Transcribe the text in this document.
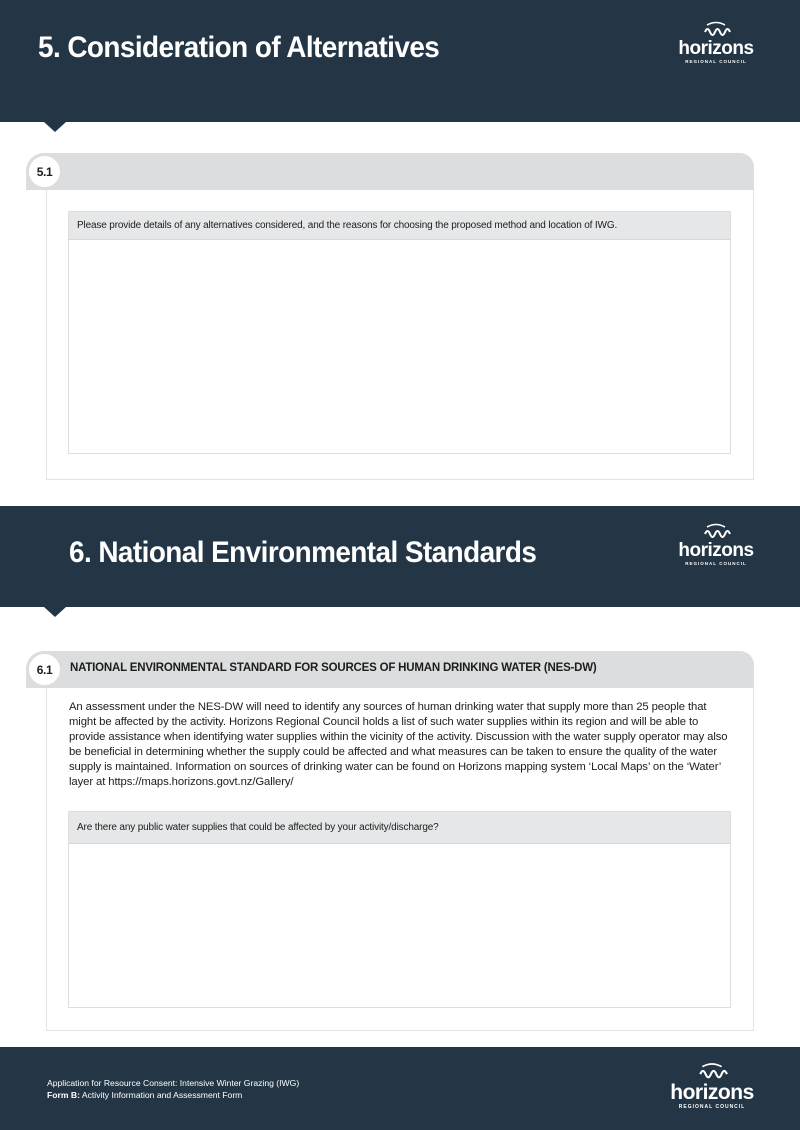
5. Consideration of Alternatives	horizons
REGIONAL COUNCIL
5.1
Please provide details of any alternatives considered, and the reasons for choosing the proposed method and location of IWG.
6. National Environmental Standards	horizons
REGIONAL COUNCIL
6.1	NATIONAL ENVIRONMENTAL STANDARD FOR SOURCES OF HUMAN DRINKING WATER (NES-DW)
An assessment under the NES-DW will need to identify any sources of human drinking water that supply more than 25 people that might be affected by the activity. Horizons Regional Council holds a list of such water supplies within its region and will be able to provide assistance when identifying water supplies within the vicinity of the activity. Discussion with the water supply operator may also be beneficial in determining whether the supply could be affected and what measures can be taken to ensure the quality of the water supply is maintained. Information on sources of drinking water can be found on Horizons mapping system ‘Local Maps’ on the ‘Water’ layer at https://maps.horizons.govt.nz/Gallery/
Are there any public water supplies that could be affected by your activity/discharge?
horizons
REGIONAL COUNCIL
Application for Resource Consent: Intensive Winter Grazing (IWG)
Form B: Activity Information and Assessment Form
